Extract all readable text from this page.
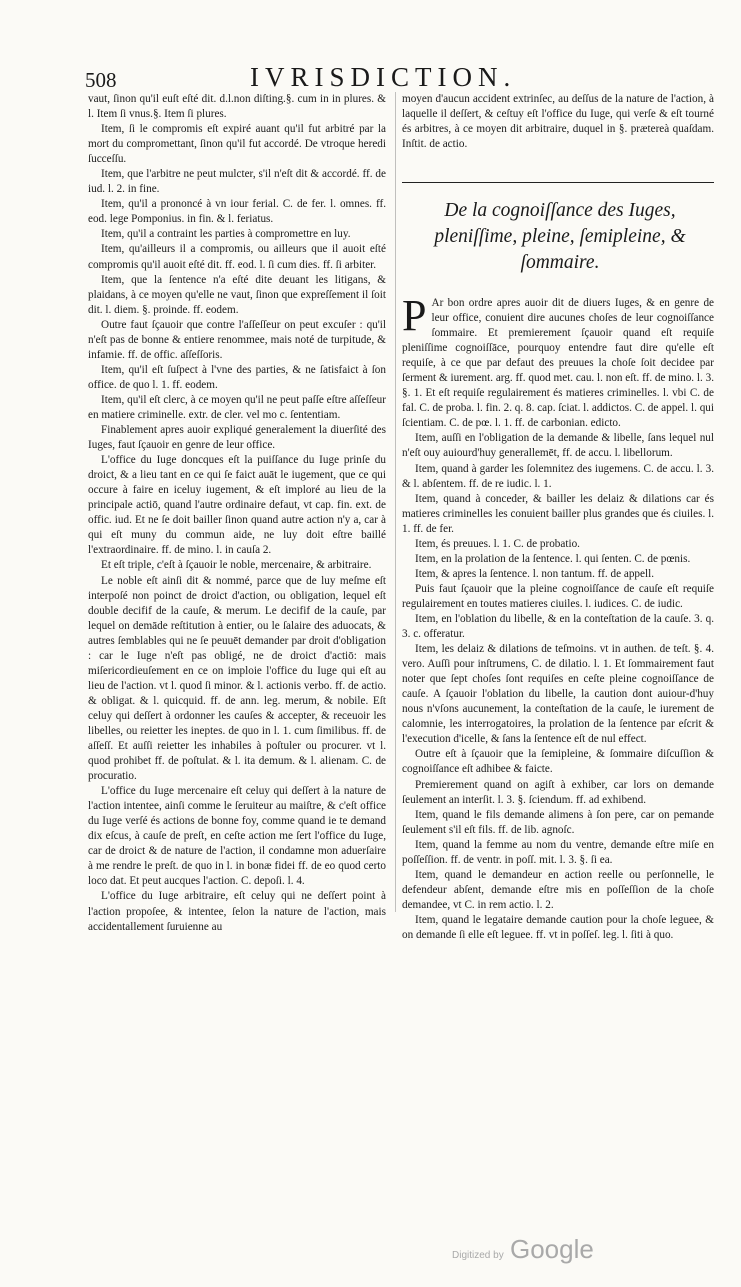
508	IVRISDICTION.

vaut, ſinon qu'il euſt eſté dit. d.l.non diſting.§. cum in in plures. & l. Item ſi vnus.§. Item ſi plures.

Item, ſi le compromis eſt expiré auant qu'il fut arbitré par la mort du compromettant, ſinon qu'il fut accordé. De vtroque heredi ſucceſſu.

Item, que l'arbitre ne peut mulcter, s'il n'eſt dit & accordé. ff. de iud. l. 2. in fine.

Item, qu'il a prononcé à vn iour ferial. C. de fer. l. omnes. ff. eod. lege Pomponius. in fin. & l. feriatus.

Item, qu'il a contraint les parties à compromettre en luy.

Item, qu'ailleurs il a compromis, ou ailleurs que il auoit eſté compromis qu'il auoit eſté dit. ff. eod. l. ſi cum dies. ff. ſi arbiter.

Item, que la ſentence n'a eſté dite deuant les litigans, & plaidans, à ce moyen qu'elle ne vaut, ſinon que expreſſement il ſoit dit. l. diem. §. proinde. ff. eodem.

Outre faut ſçauoir que contre l'aſſeſſeur on peut excuſer : qu'il n'eſt pas de bonne & entiere renommee, mais noté de turpitude, & infamie. ff. de offic. aſſeſſoris.

Item, qu'il eſt ſuſpect à l'vne des parties, & ne ſatisfaict à ſon office. de quo l. 1. ff. eodem.

Item, qu'il eſt clerc, à ce moyen qu'il ne peut paſſe eſtre aſſeſſeur en matiere criminelle. extr. de cler. vel mo c. ſententiam.

Finablement apres auoir expliqué generalement la diuerſité des Iuges, faut ſçauoir en genre de leur office.

L'office du Iuge doncques eſt la puiſſance du Iuge prinſe du droict, & a lieu tant en ce qui ſe faict auāt le iugement, que ce qui occure à faire en iceluy iugement, & eſt imploré au lieu de la principale actiō, quand l'autre ordinaire defaut, vt cap. fin. ext. de offic. iud. Et ne ſe doit bailler ſinon quand autre action n'y a, car à qui eſt muny du commun aide, ne luy doit eſtre baillé l'extraordinaire. ff. de mino. l. in cauſa 2.

Et eſt triple, c'eſt à ſçauoir le noble, mercenaire, & arbitraire.

Le noble eſt ainſi dit & nommé, parce que de luy meſme eſt interpoſé non poinct de droict d'action, ou obligation, lequel eſt double decifif de la cauſe, & merum. Le decifif de la cauſe, par lequel on demāde reſtitution à entier, ou le ſalaire des aduocats, & autres ſemblables qui ne ſe peuuēt demander par droit d'obligation : car le Iuge n'eſt pas obligé, ne de droict d'actiō: mais miſericordieuſement en ce on imploie l'office du Iuge qui eſt au lieu de l'action. vt l. quod ſi minor. & l. actionis verbo. ff. de actio. & obligat. & l. quicquid. ff. de ann. leg. merum, & nobile. Eſt celuy qui deſſert à ordonner les cauſes & accepter, & receuoir les libelles, ou reietter les ineptes. de quo in l. 1. cum ſimilibus. ff. de aſſeſſ. Et auſſi reietter les inhabiles à poſtuler ou procurer. vt l. quod prohibet ff. de poſtulat. & l. ita demum. & l. alienam. C. de procuratio.

L'office du Iuge mercenaire eſt celuy qui deſſert à la nature de l'action intentee, ainſi comme le ſeruiteur au maiſtre, & c'eſt office du Iuge verſé és actions de bonne foy, comme quand ie te demand dix eſcus, à cauſe de preſt, en ceſte action me ſert l'office du Iuge, car de droict & de nature de l'action, il condamne mon aduerſaire à me rendre le preſt. de quo in l. in bonæ fidei ff. de eo quod certo loco dat. Et peut aucques l'action. C. depoſi. l. 4.

L'office du Iuge arbitraire, eſt celuy qui ne deſſert point à l'action propoſee, & intentee, ſelon la nature de l'action, mais accidentallement ſuruienne au

moyen d'aucun accident extrinſec, au deſſus de la nature de l'action, à laquelle il deſſert, & ceſtuy eſt l'office du Iuge, qui verſe & eſt tourné és arbitres, à ce moyen dit arbitraire, duquel in §. prætereà quaſdam. Inſtit. de actio.

De la cognoiſſance des Iuges, pleniſſime, pleine, ſemipleine, & ſommaire.

P Ar bon ordre apres auoir dit de diuers Iuges, & en genre de leur office, conuient dire aucunes choſes de leur cognoiſſance ſommaire. Et premierement ſçauoir quand eſt requiſe pleniſſime cognoiſſāce, pourquoy entendre faut dire qu'elle eſt requiſe, à ce que par defaut des preuues la choſe ſoit decidee par ſerment & iurement. arg. ff. quod met. cau. l. non eſt. ff. de mino. l. 3. §. 1. Et eſt requiſe regulairement és matieres criminelles. l. vbi C. de fal. C. de proba. l. fin. 2. q. 8. cap. ſciat. l. addictos. C. de appel. l. qui ſcientiam. C. de pœ. l. 1. ff. de carbonian. edicto.

Item, auſſi en l'obligation de la demande & libelle, ſans lequel nul n'eſt ouy auiourd'huy generallemēt, ff. de accu. l. libellorum.

Item, quand à garder les ſolemnitez des iugemens. C. de accu. l. 3. & l. abſentem. ff. de re iudic. l. 1.

Item, quand à conceder, & bailler les delaiz & dilations car és matieres criminelles les conuient bailler plus grandes que és ciuiles. l. 1. ff. de fer.

Item, és preuues. l. 1. C. de probatio.

Item, en la prolation de la ſentence. l. qui ſenten. C. de pœnis.

Item, & apres la ſentence. l. non tantum. ff. de appell.

Puis faut ſçauoir que la pleine cognoiſſance de cauſe eſt requiſe regulairement en toutes matieres ciuiles. l. iudices. C. de iudic.

Item, en l'oblation du libelle, & en la conteſtation de la cauſe. 3. q. 3. c. offeratur.

Item, les delaiz & dilations de teſmoins. vt in authen. de teſt. §. 4. vero. Auſſi pour inſtrumens, C. de dilatio. l. 1. Et ſommairement faut noter que ſept choſes ſont requiſes en ceſte pleine cognoiſſance de cauſe. A ſçauoir l'oblation du libelle, la caution dont auiour-d'huy nous n'vſons aucunement, la conteſtation de la cauſe, le iurement de calomnie, les interrogatoires, la prolation de la ſentence par eſcrit & l'execution d'icelle, & ſans la ſentence eſt de nul effect.

Outre eſt à ſçauoir que la ſemipleine, & ſommaire diſcuſſion & cognoiſſance eſt adhibee & faicte.

Premierement quand on agiſt à exhiber, car lors on demande ſeulement an interſit. l. 3. §. ſciendum. ff. ad exhibend.

Item, quand le fils demande alimens à ſon pere, car on pemande ſeulement s'il eſt fils. ff. de lib. agnoſc.

Item, quand la femme au nom du ventre, demande eſtre miſe en poſſeſſion. ff. de ventr. in poſſ. mit. l. 3. §. ſi ea.

Item, quand le demandeur en action reelle ou perſonnelle, le defendeur abſent, demande eſtre mis en poſſeſſion de la choſe demandee, vt C. in rem actio. l. 2.

Item, quand le legataire demande caution pour la choſe leguee, & on demande ſi elle eſt leguee. ff. vt in poſſeſ. leg. l. ſiti à quo.

Digitized by Google
